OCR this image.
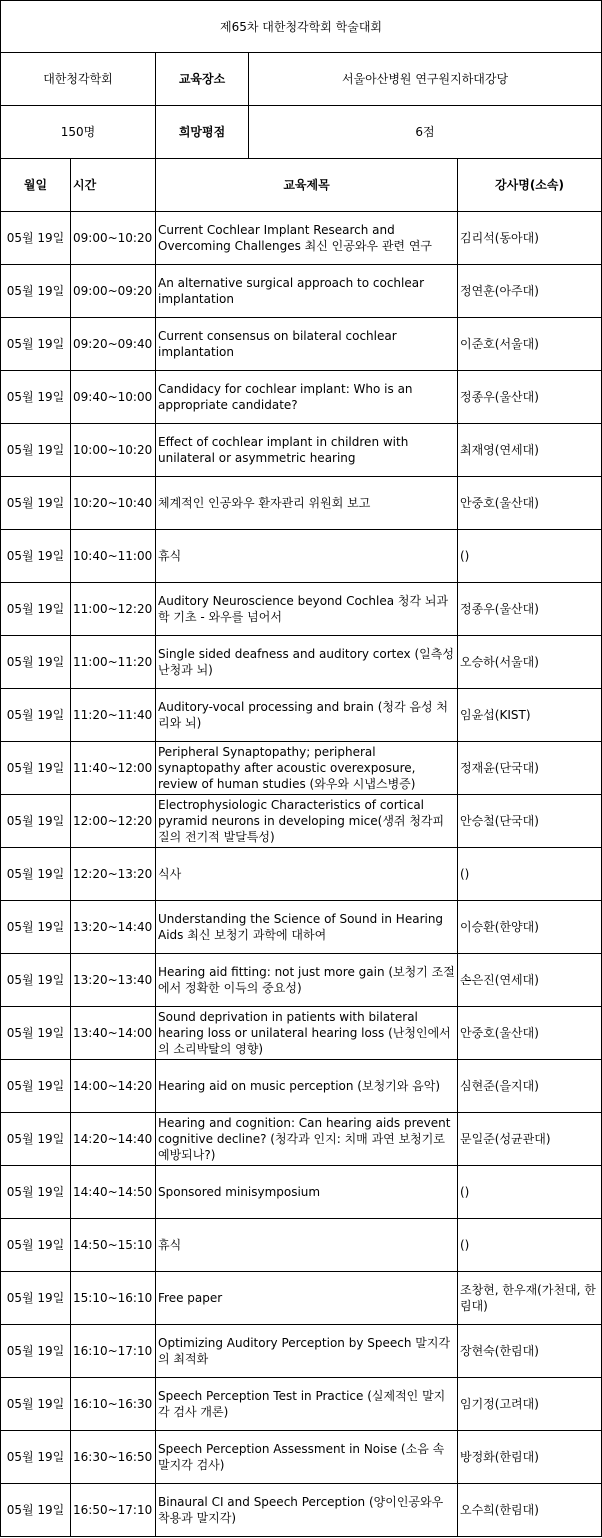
제65차 대한청각학회 학술대회				
대한청각학회		교육장소	서울아산병원 연구원지하대강당	
150명		희망평점	6점	
월일	시간	교육제목		강사명(소속)
05월 19일	09:00~10:20	Current Cochlear Implant Research and Overcoming Challenges 최신 인공와우 관련 연구		김리석(동아대)
05월 19일	09:00~09:20	An alternative surgical approach to cochlear implantation		정연훈(아주대)
05월 19일	09:20~09:40	Current consensus on bilateral cochlear implantation		이준호(서울대)
05월 19일	09:40~10:00	Candidacy for cochlear implant: Who is an appropriate candidate?		정종우(울산대)
05월 19일	10:00~10:20	Effect of cochlear implant in children with unilateral or asymmetric hearing		최재영(연세대)
05월 19일	10:20~10:40	체계적인 인공와우 환자관리 위원회 보고		안중호(울산대)
05월 19일	10:40~11:00	휴식		()
05월 19일	11:00~12:20	Auditory Neuroscience beyond Cochlea 청각 뇌과학 기초 - 와우를 넘어서		정종우(울산대)
05월 19일	11:00~11:20	Single sided deafness and auditory cortex (일측성 난청과 뇌)		오승하(서울대)
05월 19일	11:20~11:40	Auditory-vocal processing and brain (청각 음성 처리와 뇌)		임윤섭(KIST)
05월 19일	11:40~12:00	Peripheral Synaptopathy; peripheral synaptopathy after acoustic overexposure, review of human studies (와우와 시냅스병증)		정재윤(단국대)
05월 19일	12:00~12:20	Electrophysiologic Characteristics of cortical pyramid neurons in developing mice(생쥐 청각피질의 전기적 발달특성)		안승철(단국대)
05월 19일	12:20~13:20	식사		()
05월 19일	13:20~14:40	Understanding the Science of Sound in Hearing Aids 최신 보청기 과학에 대하여		이승환(한양대)
05월 19일	13:20~13:40	Hearing aid fitting: not just more gain (보청기 조절에서 정확한 이득의 중요성)		손은진(연세대)
05월 19일	13:40~14:00	Sound deprivation in patients with bilateral hearing loss or unilateral hearing loss (난청인에서의 소리박탈의 영향)		안중호(울산대)
05월 19일	14:00~14:20	Hearing aid on music perception (보청기와 음악)		심현준(을지대)
05월 19일	14:20~14:40	Hearing and cognition: Can hearing aids prevent cognitive decline? (청각과 인지: 치매 과연 보청기로 예방되나?)		문일준(성균관대)
05월 19일	14:40~14:50	Sponsored minisymposium		()
05월 19일	14:50~15:10	휴식		()
05월 19일	15:10~16:10	Free paper		조창현, 한우재(가천대, 한림대)
05월 19일	16:10~17:10	Optimizing Auditory Perception by Speech 말지각의 최적화		장현숙(한림대)
05월 19일	16:10~16:30	Speech Perception Test in Practice (실제적인 말지각 검사 개론)		임기정(고려대)
05월 19일	16:30~16:50	Speech Perception Assessment in Noise (소음 속 말지각 검사)		방정화(한림대)
05월 19일	16:50~17:10	Binaural CI and Speech Perception (양이인공와우 착용과 말지각)		오수희(한림대)
